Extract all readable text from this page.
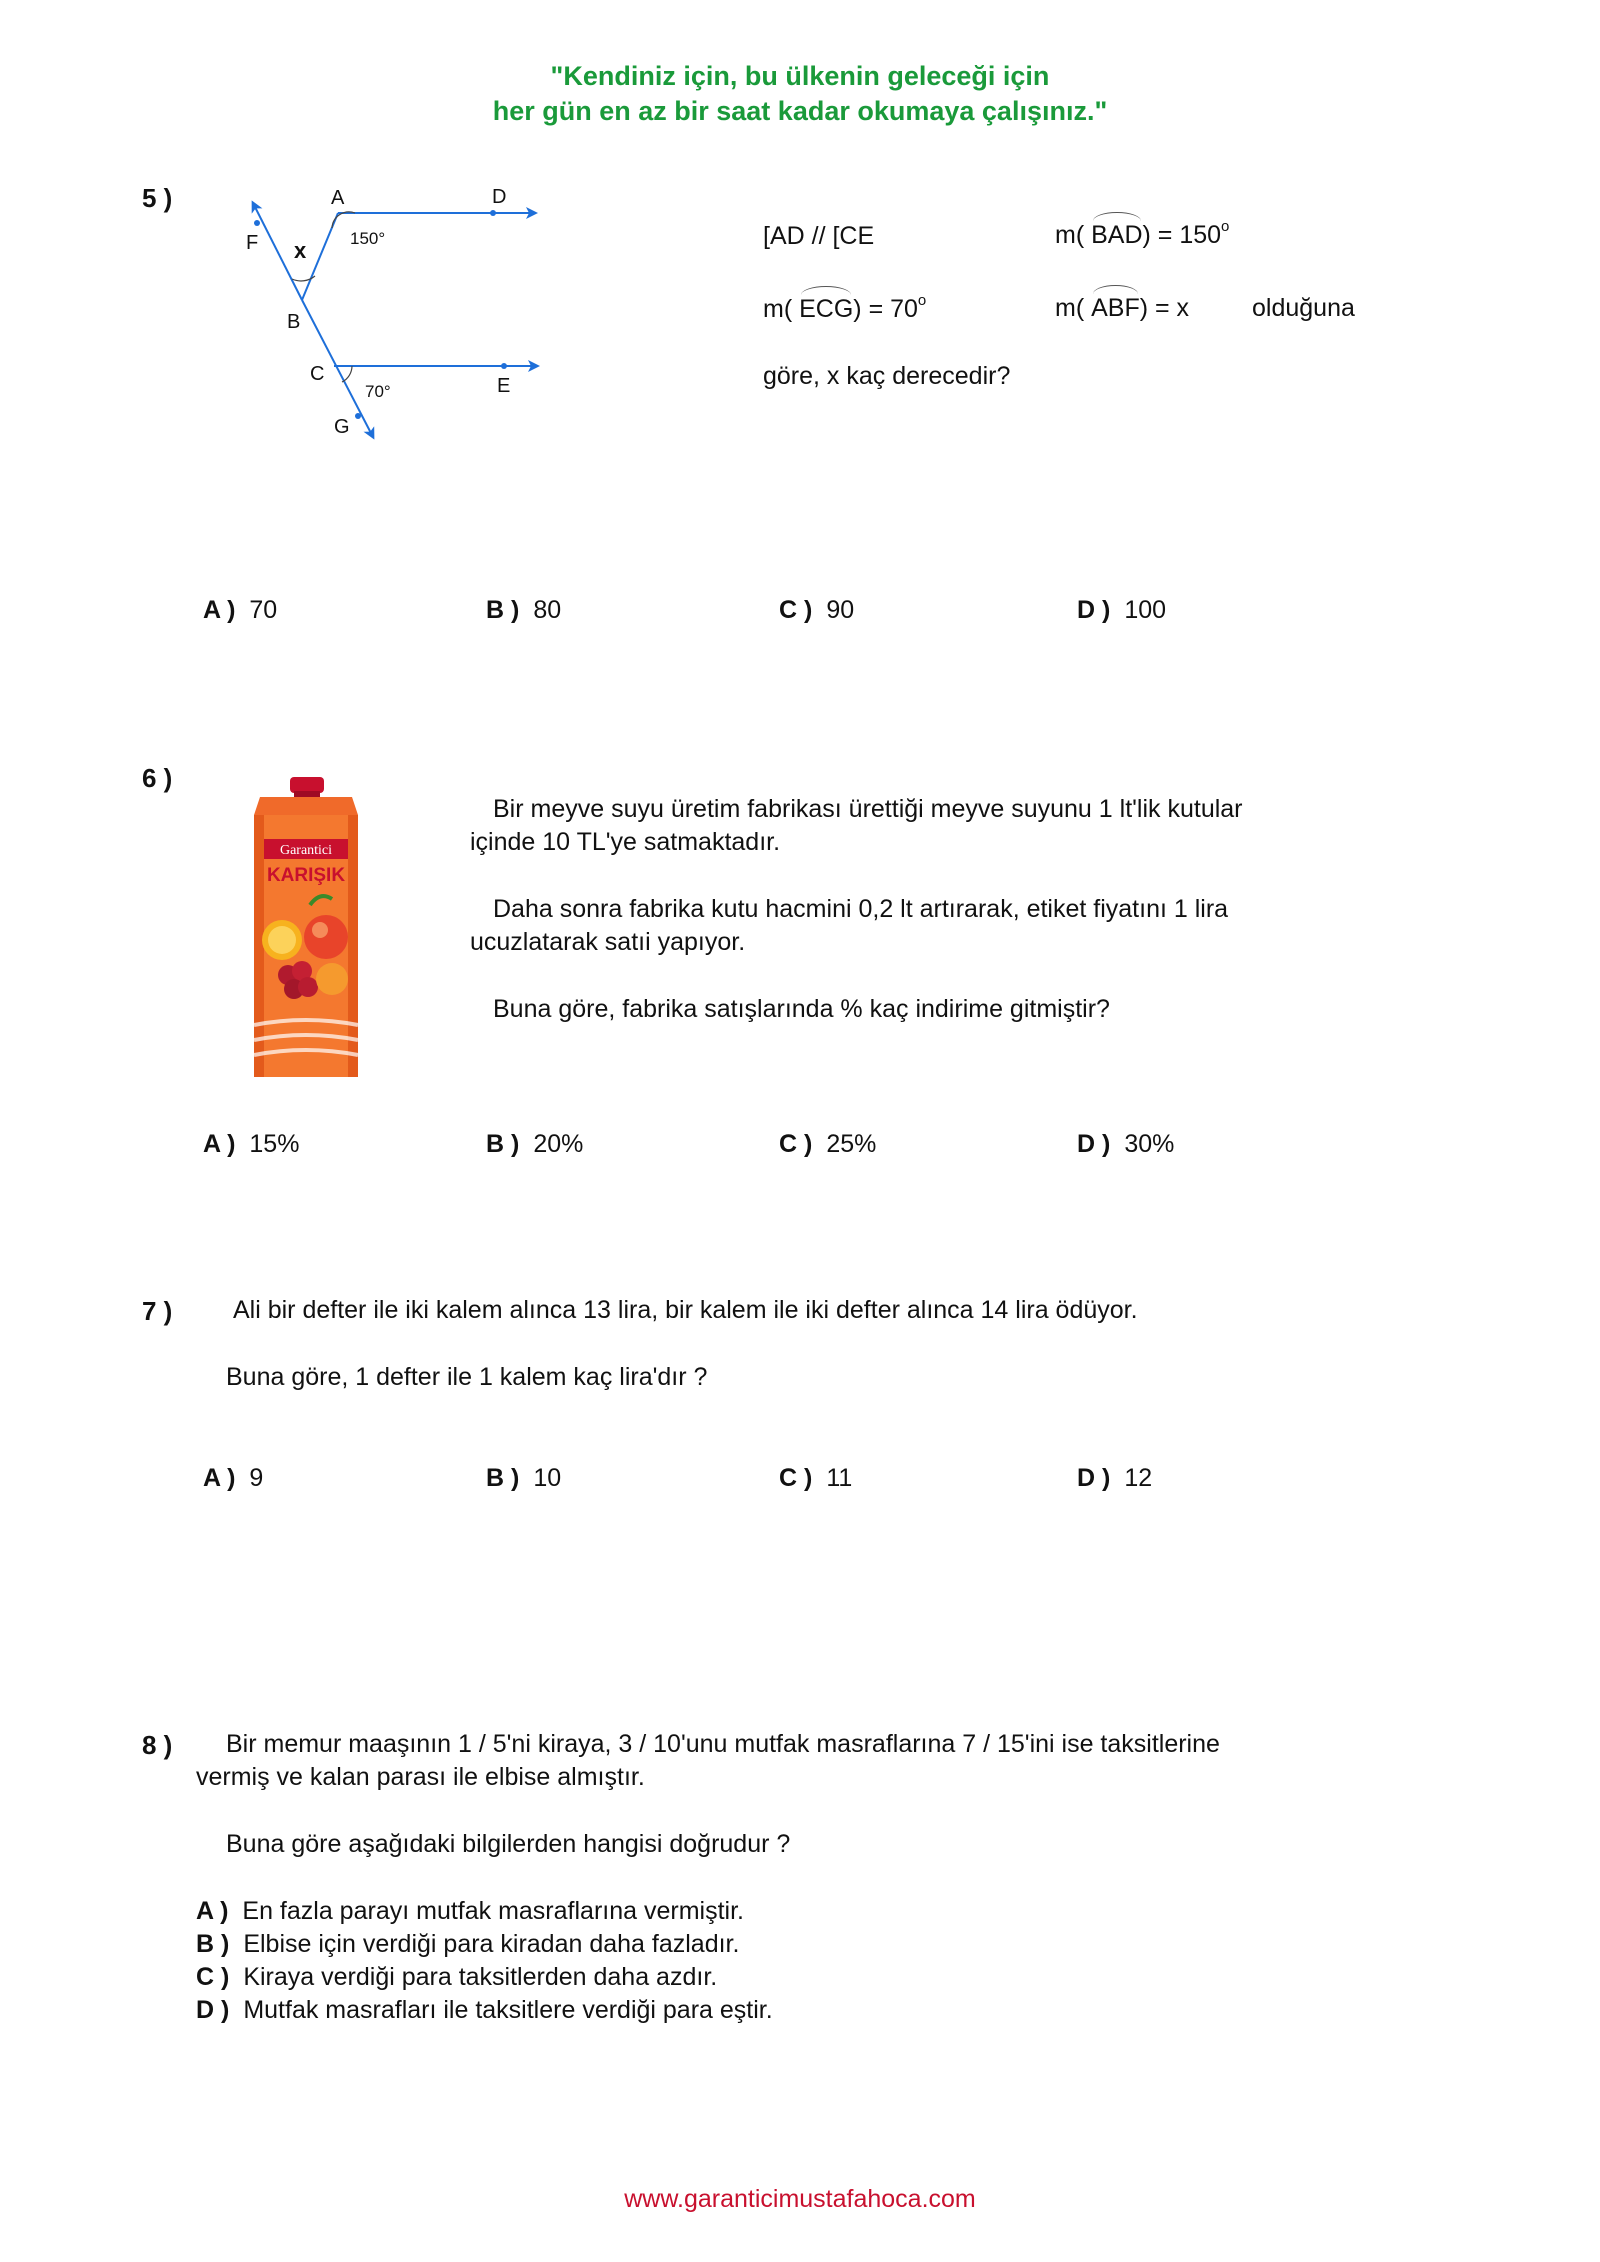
"Kendiniz için, bu ülkenin geleceği için
her gün en az bir saat kadar okumaya çalışınız."
5 )	A	D
F x	150°
B
C
70°	E
G
[AD // [CE	m( $BAD) = 150^o$
m( $ECG) = 70^o$	m( ABF) = x	olduğuna
göre, x kaç derecedir?
A ) 70	B ) 80	C ) 90	D ) 100
6 )
Garantici
KARIŞIK
Bir meyve suyu üretim fabrikası ürettiği meyve suyunu 1 lt'lik kutular
içinde 10 TL'ye satmaktadır.
Daha sonra fabrika kutu hacmini 0,2 lt artırarak, etiket fiyatını 1 lira
ucuzlatarak satıi yapıyor.
Buna göre, fabrika satışlarında % kaç indirime gitmiştir?
A ) 15%	B ) 20%	C ) 25%	D ) 30%
7 ) Ali bir defter ile iki kalem alınca 13 lira, bir kalem ile iki defter alınca 14 lira ödüyor.
Buna göre, 1 defter ile 1 kalem kaç lira'dır ?
A ) 9	B ) 10	C ) 11	D ) 12
8 ) Bir memur maaşının 1 / 5'ni kiraya, 3 / 10'unu mutfak masraflarına 7 / 15'ini ise taksitlerine
vermiş ve kalan parası ile elbise almıştır.
Buna göre aşağıdaki bilgilerden hangisi doğrudur ?
A ) En fazla parayı mutfak masraflarına vermiştir.
B ) Elbise için verdiği para kiradan daha fazladır.
C ) Kiraya verdiği para taksitlerden daha azdır.
D ) Mutfak masrafları ile taksitlere verdiği para eştir.
www.garanticimustafahoca.com
